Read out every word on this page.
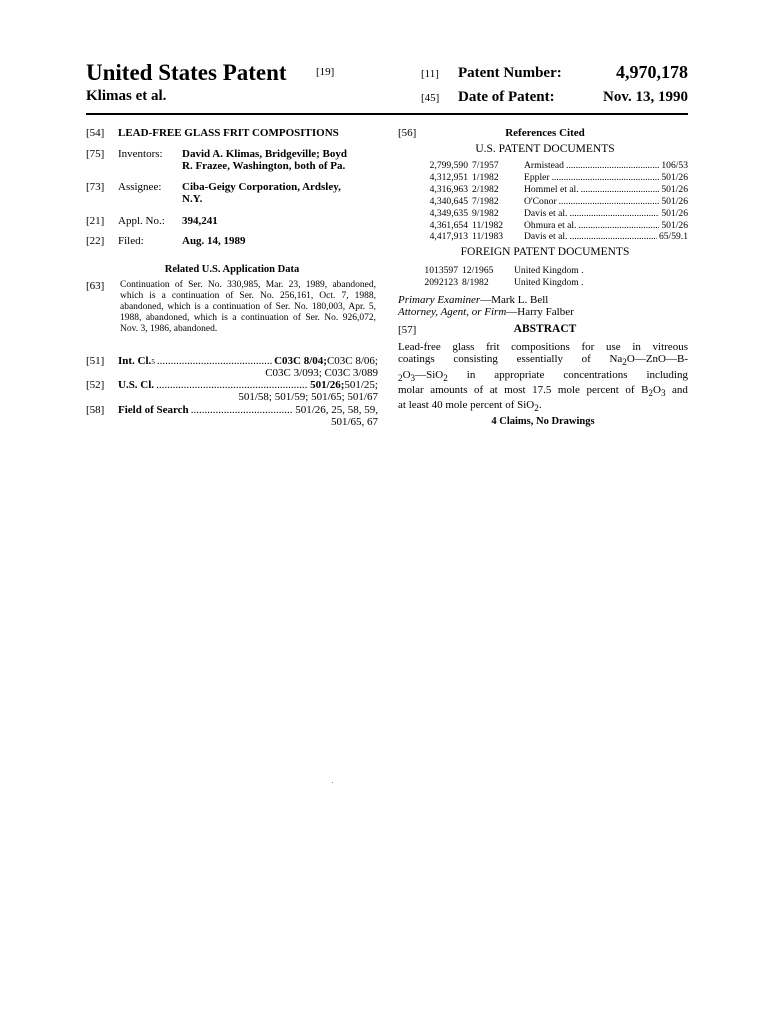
United States Patent	[19]
Klimas et al.
[11] Patent Number:	4,970,178
[45] Date of Patent:	Nov. 13, 1990
[54] LEAD-FREE GLASS FRIT COMPOSITIONS
[75] Inventors: David A. Klimas, Bridgeville; Boyd
R. Frazee, Washington, both of Pa.
[73] Assignee: Ciba-Geigy Corporation, Ardsley,
N.Y.
[21] Appl. No.: 394,241
[22] Filed:	Aug. 14, 1989
Related U.S. Application Data
[63] Continuation of Ser. No. 330,985, Mar. 23, 1989, abandoned, which is a continuation of Ser. No. 256,161, Oct. 7, 1988, abandoned, which is a continuation of Ser. No. 180,003, Apr. 5, 1988, abandoned, which is a continuation of Ser. No. 926,072, Nov. 3, 1986, abandoned.
[51]	Int. Cl. 5 .....	C03C 8/04; C03C 8/06;
C03C 3/093; C03C 3/089
[52]	U.S. Cl. .....	501/26; 501/25;
501/58; 501/59; 501/65; 501/67
[58]	Field of Search .....	501/26, 25, 58, 59,
501/65, 67
[56]	References Cited
U.S. PATENT DOCUMENTS
2,799,590 7/1957	Armistead .....	106/53
4,312,951 1/1982	Eppler .....	501/26
4,316,963 2/1982	Hommel et al. .....	501/26
4,340,645 7/1982	O'Conor .....	501/26
4,349,635 9/1982	Davis et al. .....	501/26
4,361,654 11/1982	Ohmura et al. .....	501/26
4,417,913 11/1983	Davis et al. .....	65/59.1
FOREIGN PATENT DOCUMENTS
1013597 12/1965	United Kingdom .
2092123 8/1982	United Kingdom .
Primary Examiner—Mark L. Bell
Attorney, Agent, or Firm—Harry Falber
[57]	ABSTRACT
Lead-free glass frit compositions for use in vitreous
coatings consisting essentially of $Na_2O—ZnO—B-$
$_2O_3—SiO_2$ in appropriate concentrations including
molar amounts of at most 17.5 mole percent of $B_2O_3$ and
at least 40 mole percent of SiO$_2$.
4 Claims, No Drawings
